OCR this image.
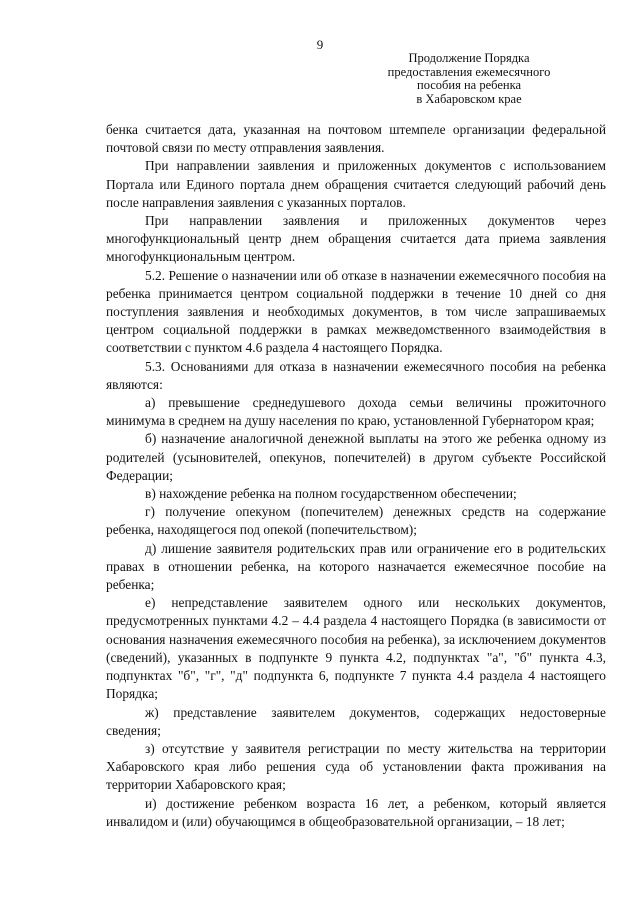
9
Продолжение Порядка
предоставления ежемесячного
пособия на ребенка
в Хабаровском крае

бенка считается дата, указанная на почтовом штемпеле организации федеральной почтовой связи по месту отправления заявления.

При направлении заявления и приложенных документов с использованием Портала или Единого портала днем обращения считается следующий рабочий день после направления заявления с указанных порталов.

При направлении заявления и приложенных документов через многофункциональный центр днем обращения считается дата приема заявления многофункциональным центром.

5.2. Решение о назначении или об отказе в назначении ежемесячного пособия на ребенка принимается центром социальной поддержки в течение 10 дней со дня поступления заявления и необходимых документов, в том числе запрашиваемых центром социальной поддержки в рамках межведомственного взаимодействия в соответствии с пунктом 4.6 раздела 4 настоящего Порядка.

5.3. Основаниями для отказа в назначении ежемесячного пособия на ребенка являются:

а) превышение среднедушевого дохода семьи величины прожиточного минимума в среднем на душу населения по краю, установленной Губернатором края;

б) назначение аналогичной денежной выплаты на этого же ребенка одному из родителей (усыновителей, опекунов, попечителей) в другом субъекте Российской Федерации;

в) нахождение ребенка на полном государственном обеспечении;

г) получение опекуном (попечителем) денежных средств на содержание ребенка, находящегося под опекой (попечительством);

д) лишение заявителя родительских прав или ограничение его в родительских правах в отношении ребенка, на которого назначается ежемесячное пособие на ребенка;

е) непредставление заявителем одного или нескольких документов, предусмотренных пунктами 4.2 – 4.4 раздела 4 настоящего Порядка (в зависимости от основания назначения ежемесячного пособия на ребенка), за исключением документов (сведений), указанных в подпункте 9 пункта 4.2, подпунктах "а", "б" пункта 4.3, подпунктах "б", "г", "д" подпункта 6, подпункте 7 пункта 4.4 раздела 4 настоящего Порядка;

ж) представление заявителем документов, содержащих недостоверные сведения;

з) отсутствие у заявителя регистрации по месту жительства на территории Хабаровского края либо решения суда об установлении факта проживания на территории Хабаровского края;

и) достижение ребенком возраста 16 лет, а ребенком, который является инвалидом и (или) обучающимся в общеобразовательной организации, – 18 лет;
